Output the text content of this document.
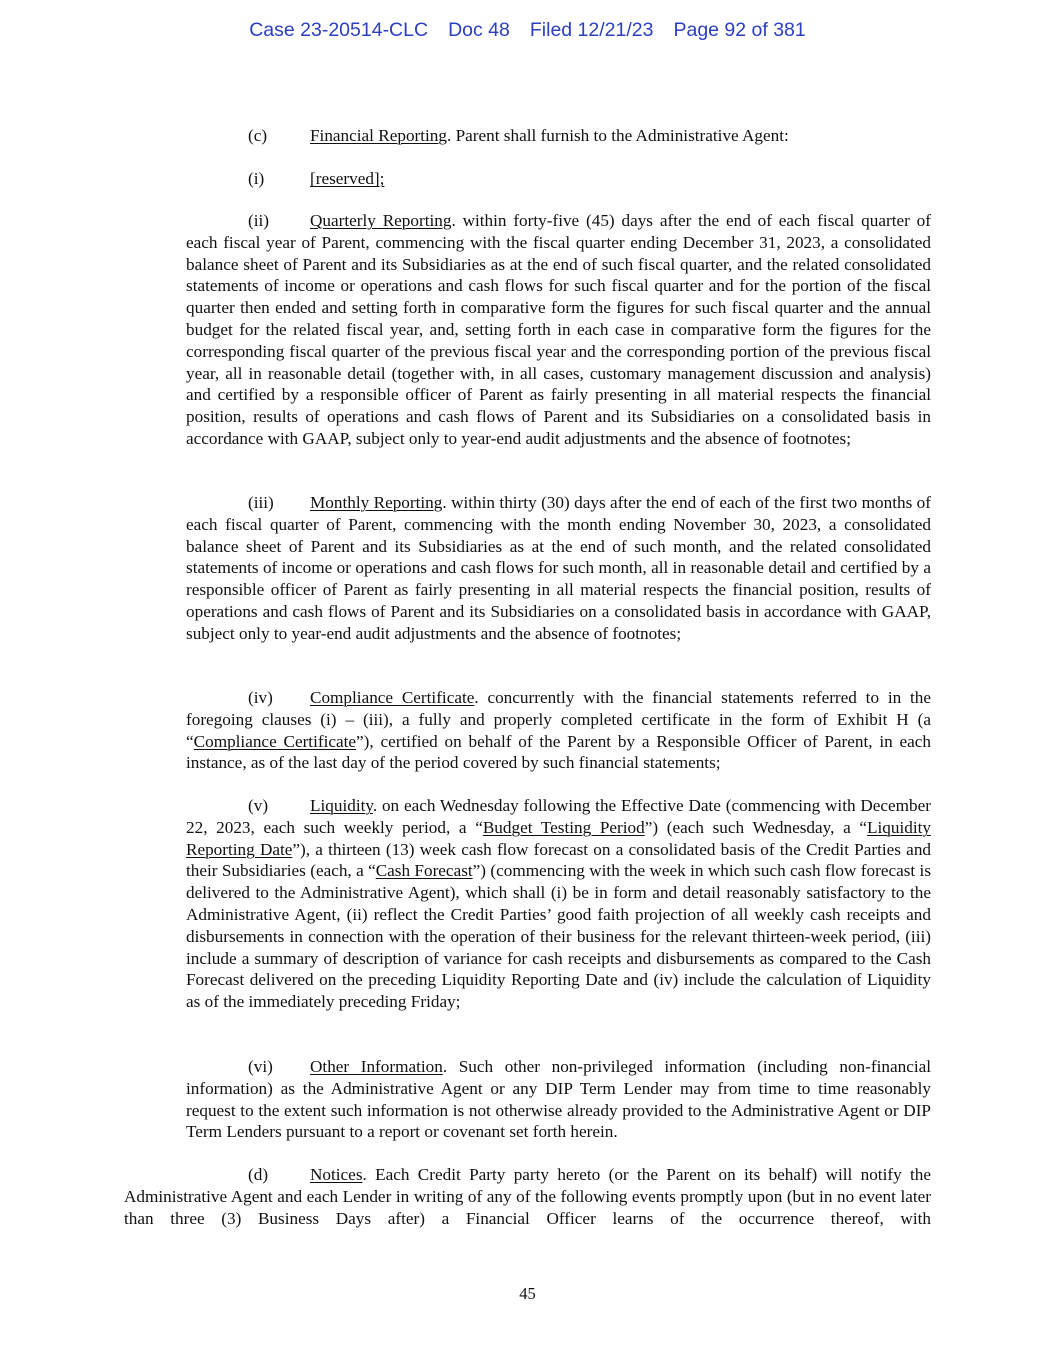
Case 23-20514-CLC Doc 48 Filed 12/21/23 Page 92 of 381
(c) Financial Reporting. Parent shall furnish to the Administrative Agent:
(i)	[reserved];
(ii) Quarterly Reporting. within forty-five (45) days after the end of each fiscal quarter of each fiscal year of Parent, commencing with the fiscal quarter ending December 31, 2023, a consolidated balance sheet of Parent and its Subsidiaries as at the end of such fiscal quarter, and the related consolidated statements of income or operations and cash flows for such fiscal quarter and for the portion of the fiscal quarter then ended and setting forth in comparative form the figures for such fiscal quarter and the annual budget for the related fiscal year, and, setting forth in each case in comparative form the figures for the corresponding fiscal quarter of the previous fiscal year and the corresponding portion of the previous fiscal year, all in reasonable detail (together with, in all cases, customary management discussion and analysis) and certified by a responsible officer of Parent as fairly presenting in all material respects the financial position, results of operations and cash flows of Parent and its Subsidiaries on a consolidated basis in accordance with GAAP, subject only to year-end audit adjustments and the absence of footnotes;
(iii) Monthly Reporting. within thirty (30) days after the end of each of the first two months of each fiscal quarter of Parent, commencing with the month ending November 30, 2023, a consolidated balance sheet of Parent and its Subsidiaries as at the end of such month, and the related consolidated statements of income or operations and cash flows for such month, all in reasonable detail and certified by a responsible officer of Parent as fairly presenting in all material respects the financial position, results of operations and cash flows of Parent and its Subsidiaries on a consolidated basis in accordance with GAAP, subject only to year-end audit adjustments and the absence of footnotes;
(iv) Compliance Certificate. concurrently with the financial statements referred to in the foregoing clauses (i) – (iii), a fully and properly completed certificate in the form of Exhibit H (a “Compliance Certificate”), certified on behalf of the Parent by a Responsible Officer of Parent, in each instance, as of the last day of the period covered by such financial statements;
(v) Liquidity. on each Wednesday following the Effective Date (commencing with December 22, 2023, each such weekly period, a “Budget Testing Period”) (each such Wednesday, a “Liquidity Reporting Date”), a thirteen (13) week cash flow forecast on a consolidated basis of the Credit Parties and their Subsidiaries (each, a “Cash Forecast”) (commencing with the week in which such cash flow forecast is delivered to the Administrative Agent), which shall (i) be in form and detail reasonably satisfactory to the Administrative Agent, (ii) reflect the Credit Parties’ good faith projection of all weekly cash receipts and disbursements in connection with the operation of their business for the relevant thirteen-week period, (iii) include a summary of description of variance for cash receipts and disbursements as compared to the Cash Forecast delivered on the preceding Liquidity Reporting Date and (iv) include the calculation of Liquidity as of the immediately preceding Friday;
(vi) Other Information. Such other non-privileged information (including non-financial information) as the Administrative Agent or any DIP Term Lender may from time to time reasonably request to the extent such information is not otherwise already provided to the Administrative Agent or DIP Term Lenders pursuant to a report or covenant set forth herein.
(d) Notices. Each Credit Party party hereto (or the Parent on its behalf) will notify the Administrative Agent and each Lender in writing of any of the following events promptly upon (but in no event later than three (3) Business Days after) a Financial Officer learns of the occurrence thereof, with
45
